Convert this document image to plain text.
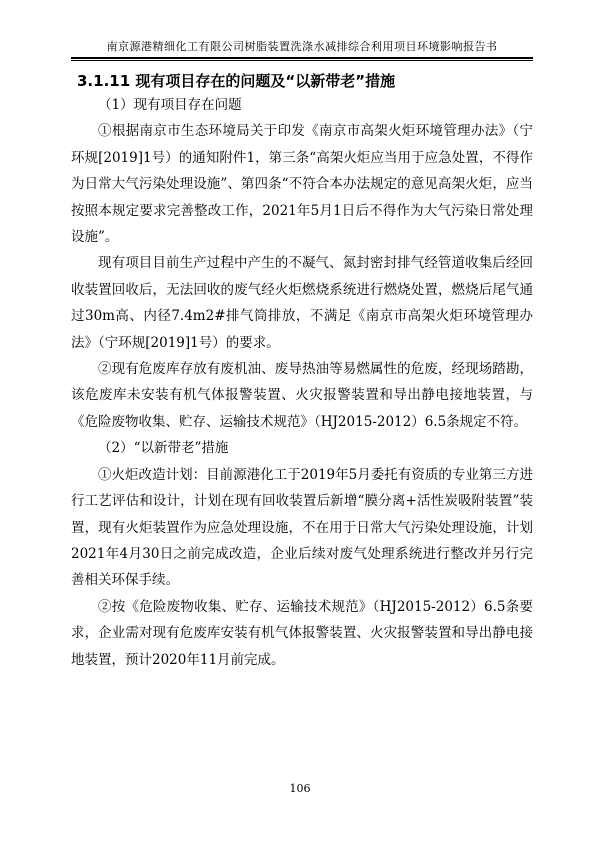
南京源港精细化工有限公司树脂装置洗涤水减排综合利用项目环境影响报告书
3.1.11 现有项目存在的问题及“以新带老”措施

（1）现有项目存在问题

①根据南京市生态环境局关于印发《南京市高架火炬环境管理办法》（宁环规[2019]1号）的通知附件1，第三条“高架火炬应当用于应急处置，不得作为日常大气污染处理设施”、第四条“不符合本办法规定的意见高架火炬，应当按照本规定要求完善整改工作，2021年5月1日后不得作为大气污染日常处理设施”。

现有项目目前生产过程中产生的不凝气、氮封密封排气经管道收集后经回收装置回收后，无法回收的废气经火炬燃烧系统进行燃烧处置，燃烧后尾气通过30m高、内径7.4m2#排气筒排放，不满足《南京市高架火炬环境管理办法》（宁环规[2019]1号）的要求。

②现有危废库存放有废机油、废导热油等易燃属性的危废，经现场踏勘，该危废库未安装有机气体报警装置、火灾报警装置和导出静电接地装置，与《危险废物收集、贮存、运输技术规范》（HJ2015-2012）6.5条规定不符。

（2）“以新带老”措施

①火炬改造计划：目前源港化工于2019年5月委托有资质的专业第三方进行工艺评估和设计，计划在现有回收装置后新增“膜分离+活性炭吸附装置”装置，现有火炬装置作为应急处理设施，不在用于日常大气污染处理设施，计划2021年4月30日之前完成改造，企业后续对废气处理系统进行整改并另行完善相关环保手续。

②按《危险废物收集、贮存、运输技术规范》（HJ2015-2012）6.5条要求，企业需对现有危废库安装有机气体报警装置、火灾报警装置和导出静电接地装置，预计2020年11月前完成。

106
